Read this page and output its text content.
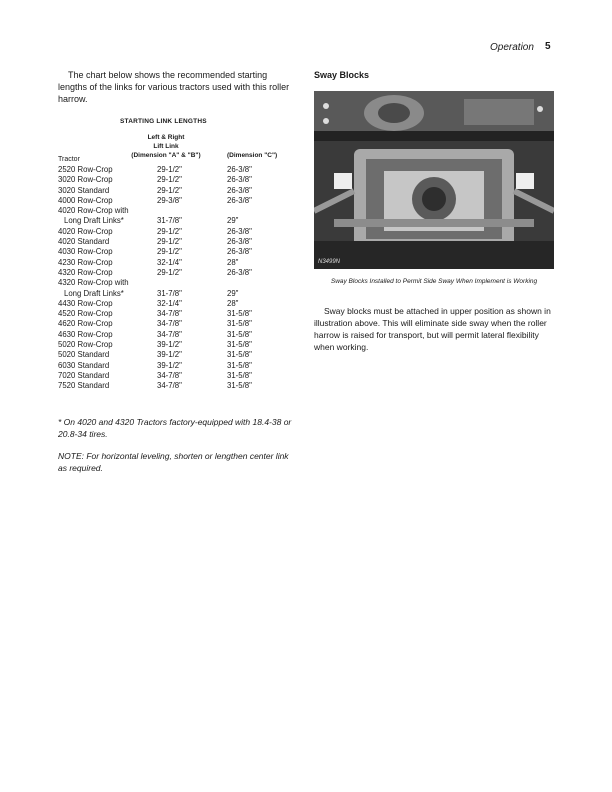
Operation 5

The chart below shows the recommended starting lengths of the links for various tractors used with this roller harrow.

STARTING LINK LENGTHS
Left & Right
Lift Link
(Dimension "A" & "B")	(Dimension "C")
Tractor
2520 Row-Crop	29-1/2"	26-3/8"
3020 Row-Crop	29-1/2"	26-3/8"
3020 Standard	29-1/2"	26-3/8"
4000 Row-Crop	29-3/8"	26-3/8"
4020 Row-Crop with
Long Draft Links*	31-7/8"	29"
4020 Row-Crop	29-1/2"	26-3/8"
4020 Standard	29-1/2"	26-3/8"
4030 Row-Crop	29-1/2"	26-3/8"
4230 Row-Crop	32-1/4"	28"
4320 Row-Crop	29-1/2"	26-3/8"
4320 Row-Crop with
Long Draft Links*	31-7/8"	29"
4430 Row-Crop	32-1/4"	28"
4520 Row-Crop	34-7/8"	31-5/8"
4620 Row-Crop	34-7/8"	31-5/8"
4630 Row-Crop	34-7/8"	31-5/8"
5020 Row-Crop	39-1/2"	31-5/8"
5020 Standard	39-1/2"	31-5/8"
6030 Standard	39-1/2"	31-5/8"
7020 Standard	34-7/8"	31-5/8"
7520 Standard	34-7/8"	31-5/8"

* On 4020 and 4320 Tractors factory-equipped with 18.4-38 or 20.8-34 tires.

NOTE: For horizontal leveling, shorten or lengthen center link as required.

Sway Blocks
N3499N
Sway Blocks Installed to Permit Side Sway When Implement is Working

Sway blocks must be attached in upper position as shown in illustration above. This will eliminate side sway when the roller harrow is raised for transport, but will permit lateral flexibility when working.
